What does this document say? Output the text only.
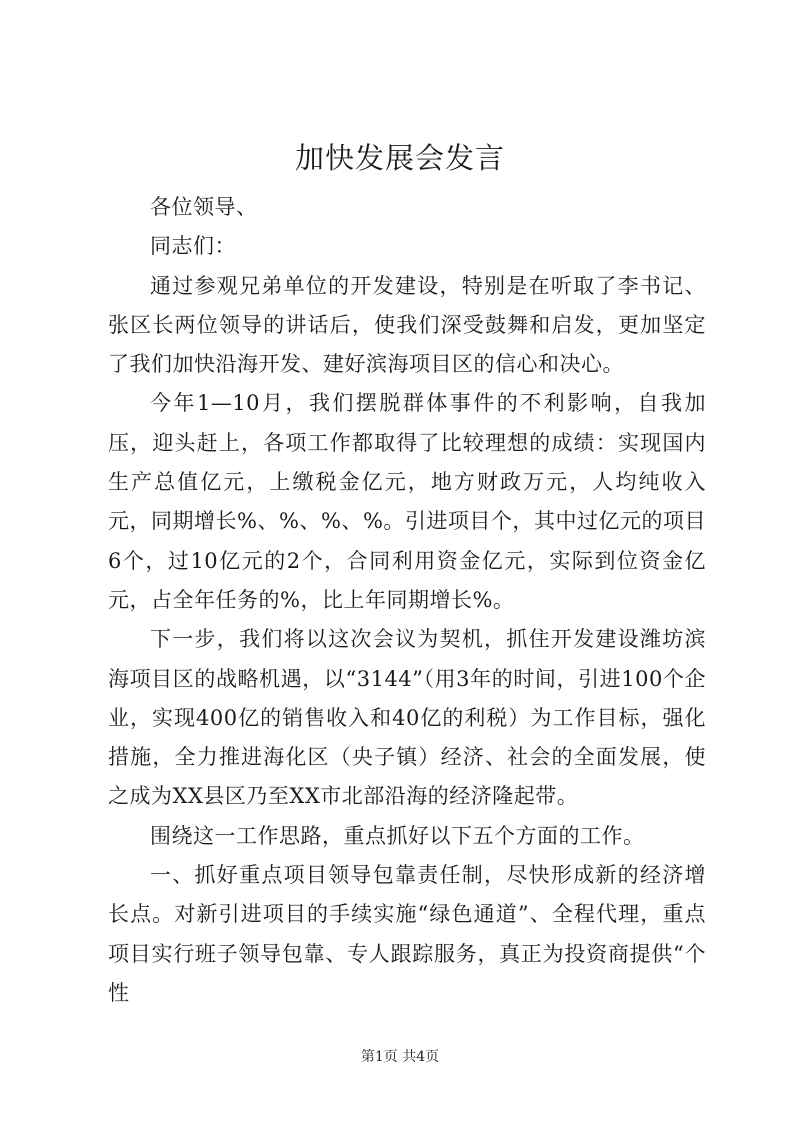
加快发展会发言

各位领导、

同志们：

通过参观兄弟单位的开发建设，特别是在听取了李书记、张区长两位领导的讲话后，使我们深受鼓舞和启发，更加坚定了我们加快沿海开发、建好滨海项目区的信心和决心。

今年1—10月，我们摆脱群体事件的不利影响，自我加压，迎头赶上，各项工作都取得了比较理想的成绩：实现国内生产总值亿元，上缴税金亿元，地方财政万元，人均纯收入元，同期增长%、%、%、%。引进项目个，其中过亿元的项目6个，过10亿元的2个，合同利用资金亿元，实际到位资金亿元，占全年任务的%，比上年同期增长%。

下一步，我们将以这次会议为契机，抓住开发建设潍坊滨海项目区的战略机遇，以“3144”（用3年的时间，引进100个企业，实现400亿的销售收入和40亿的利税）为工作目标，强化措施，全力推进海化区（央子镇）经济、社会的全面发展，使之成为XX县区乃至XX市北部沿海的经济隆起带。

围绕这一工作思路，重点抓好以下五个方面的工作。

一、抓好重点项目领导包靠责任制，尽快形成新的经济增长点。对新引进项目的手续实施“绿色通道”、全程代理，重点项目实行班子领导包靠、专人跟踪服务，真正为投资商提供“个性

第1页 共4页
